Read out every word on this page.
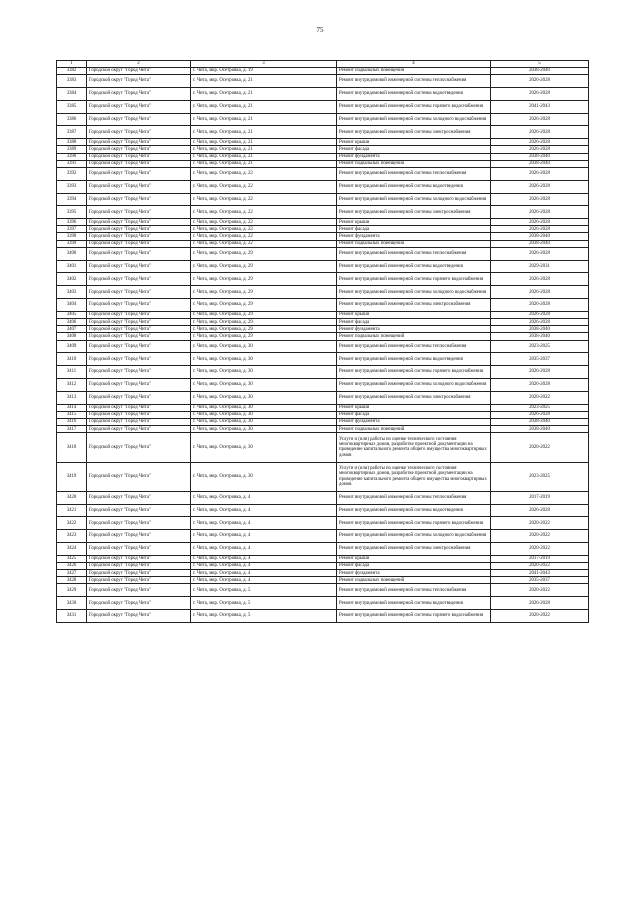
75
1	2	3	4	5
3382	Городской округ "Город Чита"	г. Чита, мкр. Осетровка, д. 19	Ремонт подвальных помещений	2038-2040
3383	Городской округ "Город Чита"	г. Чита, мкр. Осетровка, д. 21	Ремонт внутридомовой инженерной системы теплоснабжения	2026-2028
3384	Городской округ "Город Чита"	г. Чита, мкр. Осетровка, д. 21	Ремонт внутридомовой инженерной системы водоотведения	2026-2028
3385	Городской округ "Город Чита"	г. Чита, мкр. Осетровка, д. 21	Ремонт внутридомовой инженерной системы горячего водоснабжения	2041-2043
3386	Городской округ "Город Чита"	г. Чита, мкр. Осетровка, д. 21	Ремонт внутридомовой инженерной системы холодного водоснабжения	2026-2028
3387	Городской округ "Город Чита"	г. Чита, мкр. Осетровка, д. 21	Ремонт внутридомовой инженерной системы электроснабжения	2026-2028
3388	Городской округ "Город Чита"	г. Чита, мкр. Осетровка, д. 21	Ремонт крыши	2026-2028
3389	Городской округ "Город Чита"	г. Чита, мкр. Осетровка, д. 21	Ремонт фасада	2026-2028
3390	Городской округ "Город Чита"	г. Чита, мкр. Осетровка, д. 21	Ремонт фундамента	2038-2040
3391	Городской округ "Город Чита"	г. Чита, мкр. Осетровка, д. 21	Ремонт подвальных помещений	2038-2040
3392	Городской округ "Город Чита"	г. Чита, мкр. Осетровка, д. 22	Ремонт внутридомовой инженерной системы теплоснабжения	2026-2028
3393	Городской округ "Город Чита"	г. Чита, мкр. Осетровка, д. 22	Ремонт внутридомовой инженерной системы водоотведения	2026-2028
3394	Городской округ "Город Чита"	г. Чита, мкр. Осетровка, д. 22	Ремонт внутридомовой инженерной системы холодного водоснабжения	2026-2028
3395	Городской округ "Город Чита"	г. Чита, мкр. Осетровка, д. 22	Ремонт внутридомовой инженерной системы электроснабжения	2026-2028
3396	Городской округ "Город Чита"	г. Чита, мкр. Осетровка, д. 22	Ремонт крыши	2026-2028
3397	Городской округ "Город Чита"	г. Чита, мкр. Осетровка, д. 22	Ремонт фасада	2026-2028
3398	Городской округ "Город Чита"	г. Чита, мкр. Осетровка, д. 22	Ремонт фундамента	2038-2040
3399	Городской округ "Город Чита"	г. Чита, мкр. Осетровка, д. 22	Ремонт подвальных помещений	2038-2040
3400	Городской округ "Город Чита"	г. Чита, мкр. Осетровка, д. 29	Ремонт внутридомовой инженерной системы теплоснабжения	2026-2028
3401	Городской округ "Город Чита"	г. Чита, мкр. Осетровка, д. 29	Ремонт внутридомовой инженерной системы водоотведения	2029-2031
3402	Городской округ "Город Чита"	г. Чита, мкр. Осетровка, д. 29	Ремонт внутридомовой инженерной системы горячего водоснабжения	2026-2028
3403	Городской округ "Город Чита"	г. Чита, мкр. Осетровка, д. 29	Ремонт внутридомовой инженерной системы холодного водоснабжения	2026-2028
3404	Городской округ "Город Чита"	г. Чита, мкр. Осетровка, д. 29	Ремонт внутридомовой инженерной системы электроснабжения	2026-2028
3405	Городской округ "Город Чита"	г. Чита, мкр. Осетровка, д. 29	Ремонт крыши	2026-2028
3406	Городской округ "Город Чита"	г. Чита, мкр. Осетровка, д. 29	Ремонт фасада	2026-2028
3407	Городской округ "Город Чита"	г. Чита, мкр. Осетровка, д. 29	Ремонт фундамента	2038-2040
3408	Городской округ "Город Чита"	г. Чита, мкр. Осетровка, д. 29	Ремонт подвальных помещений	2038-2040
3409	Городской округ "Город Чита"	г. Чита, мкр. Осетровка, д. 30	Ремонт внутридомовой инженерной системы теплоснабжения	2023-2025
3410	Городской округ "Город Чита"	г. Чита, мкр. Осетровка, д. 30	Ремонт внутридомовой инженерной системы водоотведения	2035-2037
3411	Городской округ "Город Чита"	г. Чита, мкр. Осетровка, д. 30	Ремонт внутридомовой инженерной системы горячего водоснабжения	2026-2028
3412	Городской округ "Город Чита"	г. Чита, мкр. Осетровка, д. 30	Ремонт внутридомовой инженерной системы холодного водоснабжения	2026-2028
3413	Городской округ "Город Чита"	г. Чита, мкр. Осетровка, д. 30	Ремонт внутридомовой инженерной системы электроснабжения	2020-2022
3414	Городской округ "Город Чита"	г. Чита, мкр. Осетровка, д. 30	Ремонт крыши	2023-2025
3415	Городской округ "Город Чита"	г. Чита, мкр. Осетровка, д. 30	Ремонт фасада	2026-2028
3416	Городской округ "Город Чита"	г. Чита, мкр. Осетровка, д. 30	Ремонт фундамента	2038-2040
3417	Городской округ "Город Чита"	г. Чита, мкр. Осетровка, д. 30	Ремонт подвальных помещений	2038-2040
3418	Городской округ "Город Чита"	г. Чита, мкр. Осетровка, д. 30	Услуги и (или) работы по оценке технического состояния многоквартирных домов, разработке проектной документации на проведение капитального ремонта общего имущества многоквартирных домов	2020-2022
3419	Городской округ "Город Чита"	г. Чита, мкр. Осетровка, д. 30	Услуги и (или) работы по оценке технического состояния многоквартирных домов, разработке проектной документации на проведение капитального ремонта общего имущества многоквартирных домов	2023-2025
3420	Городской округ "Город Чита"	г. Чита, мкр. Осетровка, д. 4	Ремонт внутридомовой инженерной системы теплоснабжения	2017-2019
3421	Городской округ "Город Чита"	г. Чита, мкр. Осетровка, д. 4	Ремонт внутридомовой инженерной системы водоотведения	2026-2028
3422	Городской округ "Город Чита"	г. Чита, мкр. Осетровка, д. 4	Ремонт внутридомовой инженерной системы горячего водоснабжения	2020-2022
3423	Городской округ "Город Чита"	г. Чита, мкр. Осетровка, д. 4	Ремонт внутридомовой инженерной системы холодного водоснабжения	2020-2022
3424	Городской округ "Город Чита"	г. Чита, мкр. Осетровка, д. 4	Ремонт внутридомовой инженерной системы электроснабжения	2020-2022
3425	Городской округ "Город Чита"	г. Чита, мкр. Осетровка, д. 4	Ремонт крыши	2017-2019
3426	Городской округ "Город Чита"	г. Чита, мкр. Осетровка, д. 4	Ремонт фасада	2020-2022
3427	Городской округ "Город Чита"	г. Чита, мкр. Осетровка, д. 4	Ремонт фундамента	2041-2043
3428	Городской округ "Город Чита"	г. Чита, мкр. Осетровка, д. 4	Ремонт подвальных помещений	2035-2037
3429	Городской округ "Город Чита"	г. Чита, мкр. Осетровка, д. 5	Ремонт внутридомовой инженерной системы теплоснабжения	2020-2022
3430	Городской округ "Город Чита"	г. Чита, мкр. Осетровка, д. 5	Ремонт внутридомовой инженерной системы водоотведения	2026-2028
3431	Городской округ "Город Чита"	г. Чита, мкр. Осетровка, д. 5	Ремонт внутридомовой инженерной системы горячего водоснабжения	2020-2022
